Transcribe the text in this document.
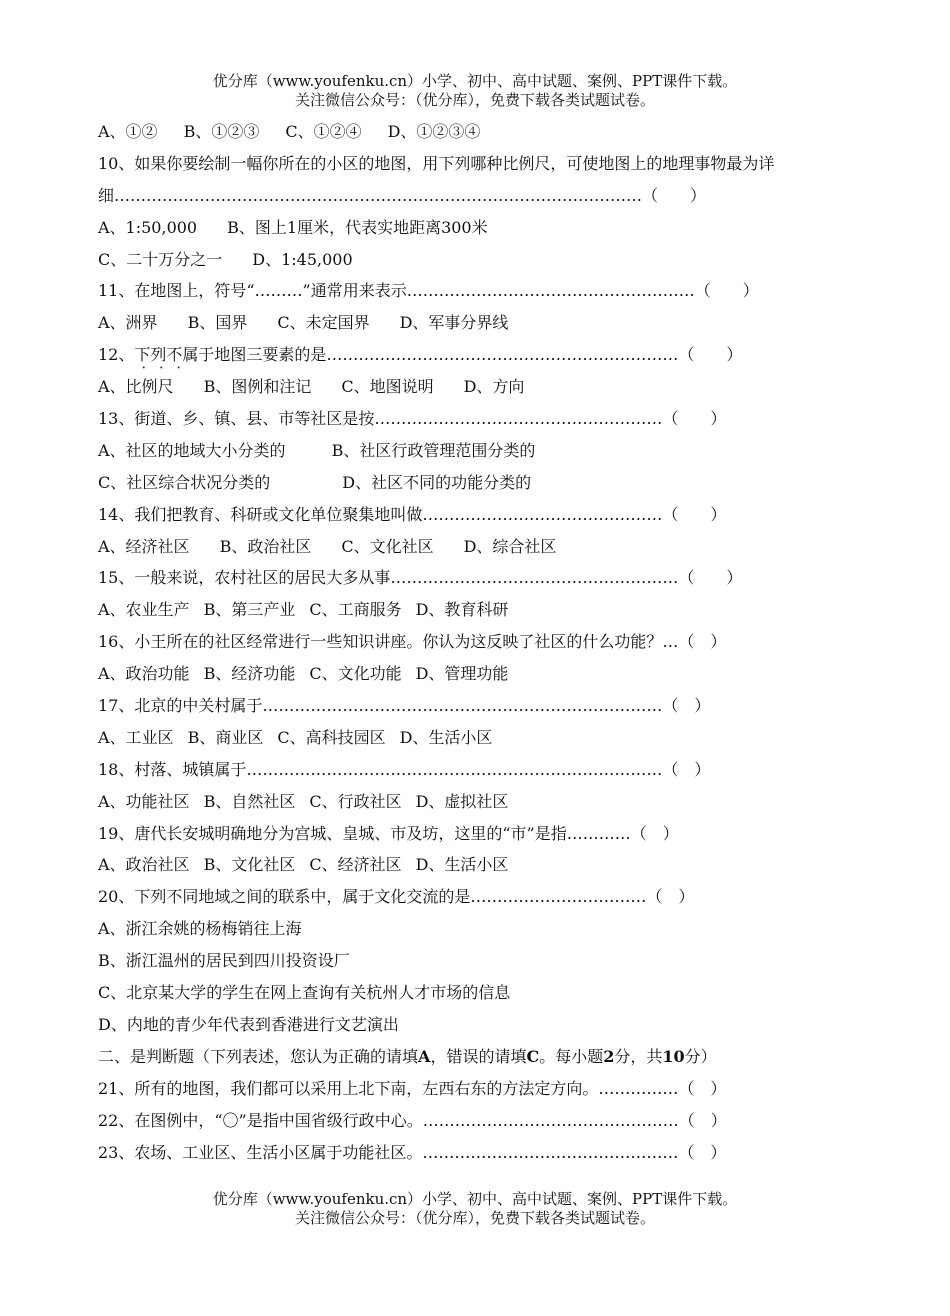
优分库（www.youfenku.cn）小学、初中、高中试题、案例、PPT课件下载。
关注微信公众号：（优分库），免费下载各类试题试卷。
A、①② B、①②③ C、①②④ D、①②③④
10、如果你要绘制一幅你所在的小区的地图，用下列哪种比例尺，可使地图上的地理事物最为详
细………………………………………………………………………………………（　　）
A、1:50,000 B、图上1厘米，代表实地距离300米
C、二十万分之一 D、1:45,000
11、在地图上，符号“………”通常用来表示………………………………………………（　　）
A、洲界 B、国界 C、未定国界 D、军事分界线
12、下列不属于地图三要素的是…………………………………………………………（　　） • • •
A、比例尺 B、图例和注记 C、地图说明 D、方向
13、街道、乡、镇、县、市等社区是按………………………………………………（　　）
A、社区的地域大小分类的	B、社区行政管理范围分类的
C、社区综合状况分类的	D、社区不同的功能分类的
14、我们把教育、科研或文化单位聚集地叫做………………………………………（　　）
A、经济社区 B、政治社区 C、文化社区 D、综合社区
15、一般来说，农村社区的居民大多从事………………………………………………（　　）
A、农业生产 B、第三产业 C、工商服务 D、教育科研
16、小王所在的社区经常进行一些知识讲座。你认为这反映了社区的什么功能？…（　）
A、政治功能 B、经济功能 C、文化功能 D、管理功能
17、北京的中关村属于…………………………………………………………………（　）
A、工业区 B、商业区 C、高科技园区 D、生活小区
18、村落、城镇属于……………………………………………………………………（　）
A、功能社区 B、自然社区 C、行政社区 D、虚拟社区
19、唐代长安城明确地分为宫城、皇城、市及坊，这里的“市”是指…………（　）
A、政治社区 B、文化社区 C、经济社区 D、生活小区
20、下列不同地域之间的联系中，属于文化交流的是……………………………（　）
A、浙江余姚的杨梅销往上海
B、浙江温州的居民到四川投资设厂
C、北京某大学的学生在网上查询有关杭州人才市场的信息
D、内地的青少年代表到香港进行文艺演出
二、是判断题（下列表述，您认为正确的请填A，错误的请填C。每小题2分，共10分）
21、所有的地图，我们都可以采用上北下南，左西右东的方法定方向。……………（　）
22、在图例中，“〇”是指中国省级行政中心。…………………………………………（　）
23、农场、工业区、生活小区属于功能社区。…………………………………………（　）
优分库（www.youfenku.cn）小学、初中、高中试题、案例、PPT课件下载。
关注微信公众号：（优分库），免费下载各类试题试卷。
